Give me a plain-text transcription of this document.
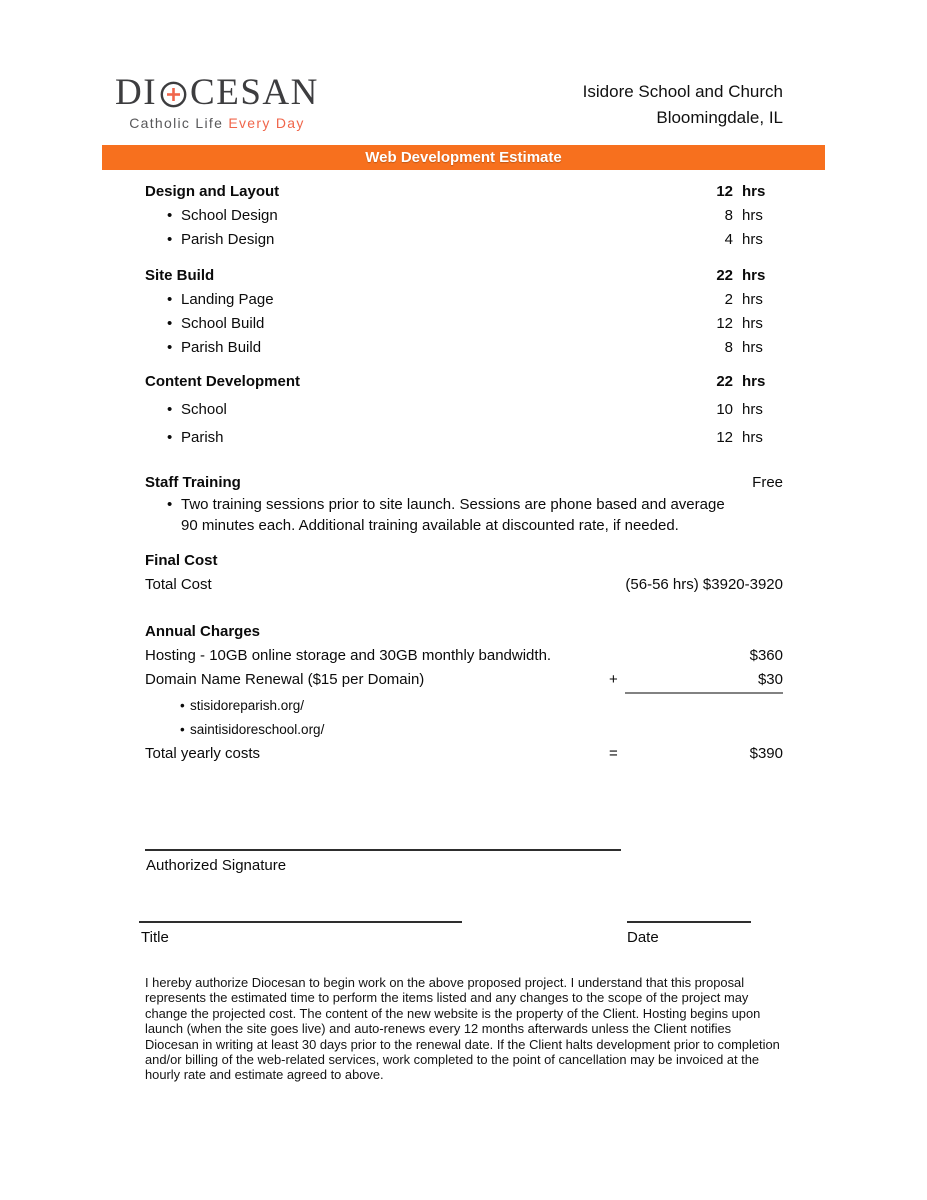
DI CESAN
Catholic Life Every Day
Isidore School and Church
Bloomingdale, IL
Web Development Estimate
Design and Layout	12 hrs
• School Design	8 hrs
• Parish Design	4 hrs
Site Build	22 hrs
• Landing Page	2 hrs
• School Build	12 hrs
• Parish Build	8 hrs
Content Development	22 hrs
• School	10 hrs
• Parish	12 hrs
Staff Training	Free
• Two training sessions prior to site launch. Sessions are phone based and average 90 minutes each. Additional training available at discounted rate, if needed.
Final Cost
Total Cost	(56-56 hrs) $3920-3920
Annual Charges
Hosting - 10GB online storage and 30GB monthly bandwidth.	$360
Domain Name Renewal ($15 per Domain)	+	$30
• stisidoreparish.org/
• saintisidoreschool.org/
Total yearly costs	=	$390
Authorized Signature
Title	Date
I hereby authorize Diocesan to begin work on the above proposed project. I understand that this proposal represents the estimated time to perform the items listed and any changes to the scope of the project may change the projected cost. The content of the new website is the property of the Client. Hosting begins upon launch (when the site goes live) and auto-renews every 12 months afterwards unless the Client notifies Diocesan in writing at least 30 days prior to the renewal date. If the Client halts development prior to completion and/or billing of the web-related services, work completed to the point of cancellation may be invoiced at the hourly rate and estimate agreed to above.
